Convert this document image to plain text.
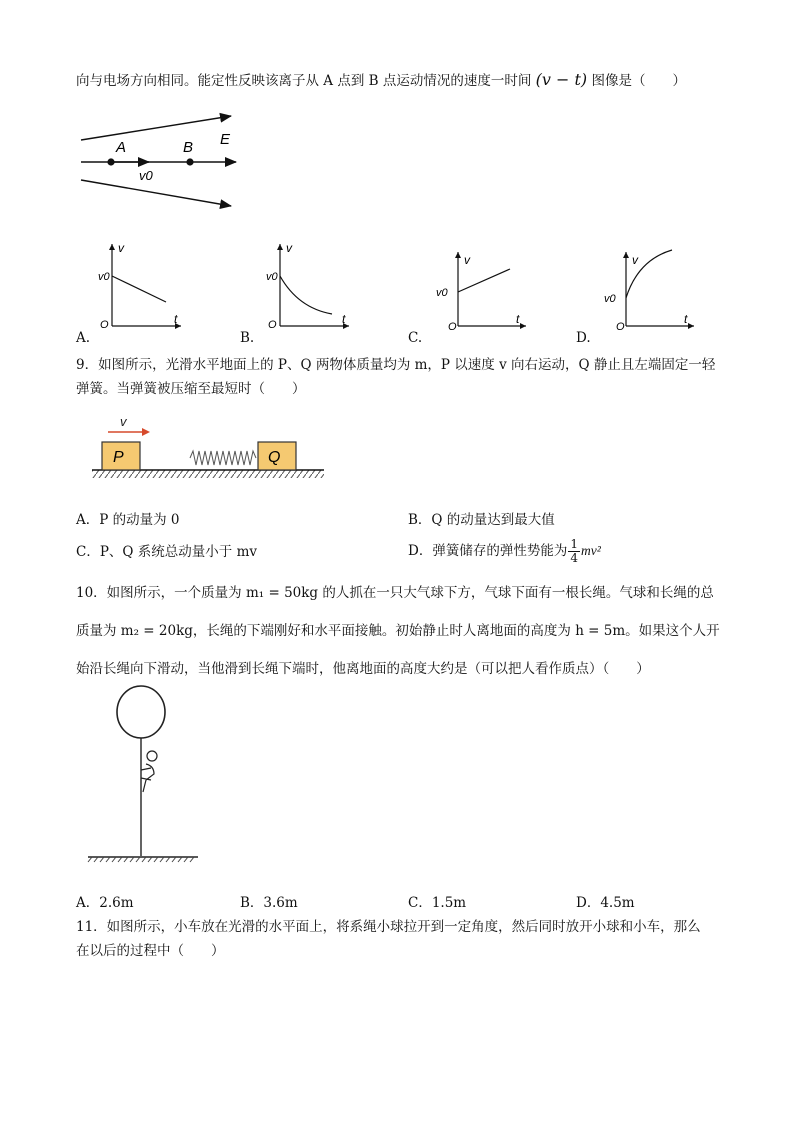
向与电场方向相同。能定性反映该离子从 A 点到 B 点运动情况的速度一时间 (v − t) 图像是（　　）
A	B E
v0
A.
v
t
O
v0
B.
v
t
O
v0
C.
v
t
O
v0
D.
v
t
O
v0
9．如图所示，光滑水平地面上的 P、Q 两物体质量均为 m，P 以速度 v 向右运动，Q 静止且左端固定一轻
弹簧。当弹簧被压缩至最短时（　　）
v
P	Q
A．P 的动量为 0	B．Q 的动量达到最大值
C．P、Q 系统总动量小于 mv	D．弹簧储存的弹性势能为 $\frac{1}{4} mv^2$
10．如图所示，一个质量为 m₁ = 50kg 的人抓在一只大气球下方，气球下面有一根长绳。气球和长绳的总
质量为 m₂ = 20kg，长绳的下端刚好和水平面接触。初始静止时人离地面的高度为 h = 5m。如果这个人开
始沿长绳向下滑动，当他滑到长绳下端时，他离地面的高度大约是（可以把人看作质点）（　　）
A．2.6m	B．3.6m	C．1.5m	D．4.5m
11．如图所示，小车放在光滑的水平面上，将系绳小球拉开到一定角度，然后同时放开小球和小车，那么
在以后的过程中（　　）
